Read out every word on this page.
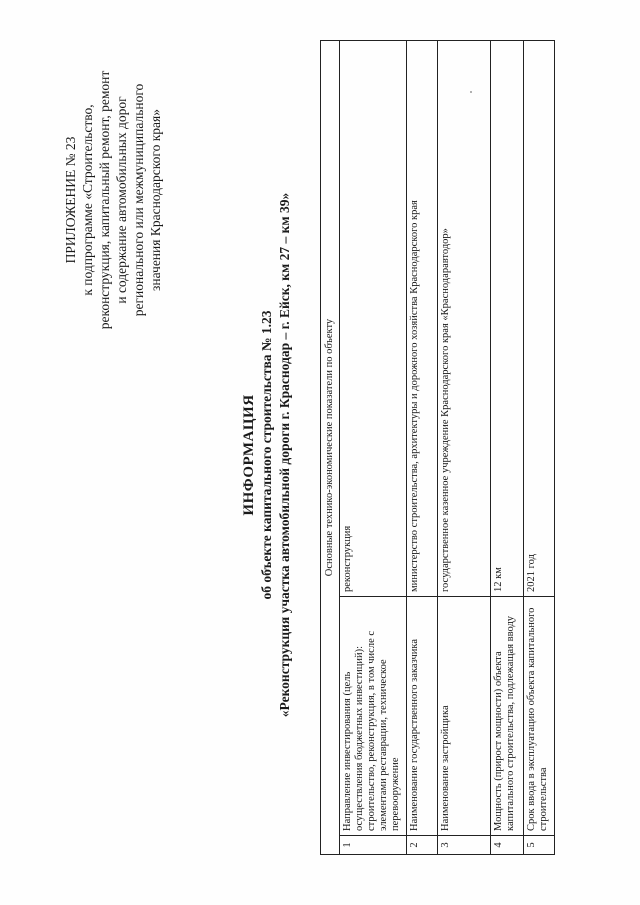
ПРИЛОЖЕНИЕ № 23 к подпрограмме «Строительство, реконструкция, капитальный ремонт, ремонт и содержание автомобильных дорог регионального или межмуниципального значения Краснодарского края»
ИНФОРМАЦИЯ об объекте капитального строительства № 1.23 «Реконструкция участка автомобильной дороги г. Краснодар – г. Ейск, км 27 – км 39»	Основные технико-экономические показатели по объекту		
1	Направление инвестирования (цель осуществления бюджетных инвестиций): строительство, реконструкция, в том числе с элементами реставрации, техническое перевооружение	реконструкция
2	Наименование государственного заказчика	министерство строительства, архитектуры и дорожного хозяйства Краснодарского края
3	Наименование застройщика	государственное казенное учреждение Краснодарского края «Краснодаравтодор»
4	Мощность (прирост мощности) объекта капитального строительства, подлежащая вводу	12 км
5	Срок ввода в эксплуатацию объекта капитального строительства	2021 год
